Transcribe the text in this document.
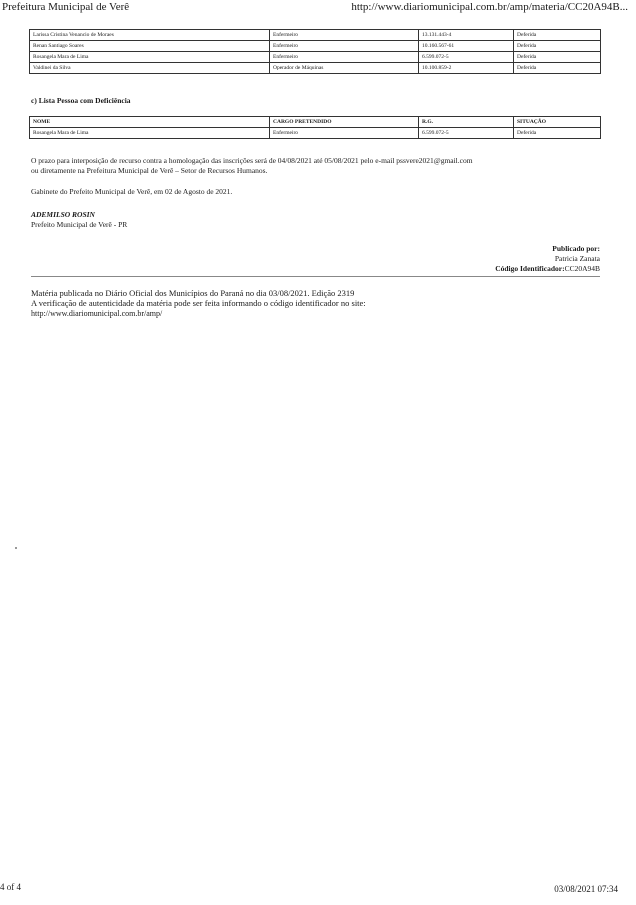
Prefeitura Municipal de Verê	http://www.diariomunicipal.com.br/amp/materia/CC20A94B...
Larissa Cristina Venancio de Moraes	Enfermeiro	13.131.443-4	Deferida
Renan Santiago Soares	Enfermeiro	10.160.567-61	Deferida
Rosangela Mara de Lima	Enfermeiro	6.599.072-5	Deferida
Valdinei da Silva	Operador de Máquinas	10.100.859-2	Deferida
c) Lista Pessoa com Deficiência
NOME	CARGO PRETENDIDO	R.G.	SITUAÇÃO
Rosangela Mara de Lima	Enfermeiro	6.599.072-5	Deferida
O prazo para interposição de recurso contra a homologação das inscrições será de 04/08/2021 até 05/08/2021 pelo e-mail pssvere2021@gmail.com
ou diretamente na Prefeitura Municipal de Verê – Setor de Recursos Humanos.
Gabinete do Prefeito Municipal de Verê, em 02 de Agosto de 2021.
ADEMILSO ROSIN
Prefeito Municipal de Verê - PR
Publicado por:
Patricia Zanata
Código Identificador:CC20A94B
Matéria publicada no Diário Oficial dos Municípios do Paraná no dia 03/08/2021. Edição 2319
A verificação de autenticidade da matéria pode ser feita informando o código identificador no site:
http://www.diariomunicipal.com.br/amp/
4 of 4	03/08/2021 07:34
